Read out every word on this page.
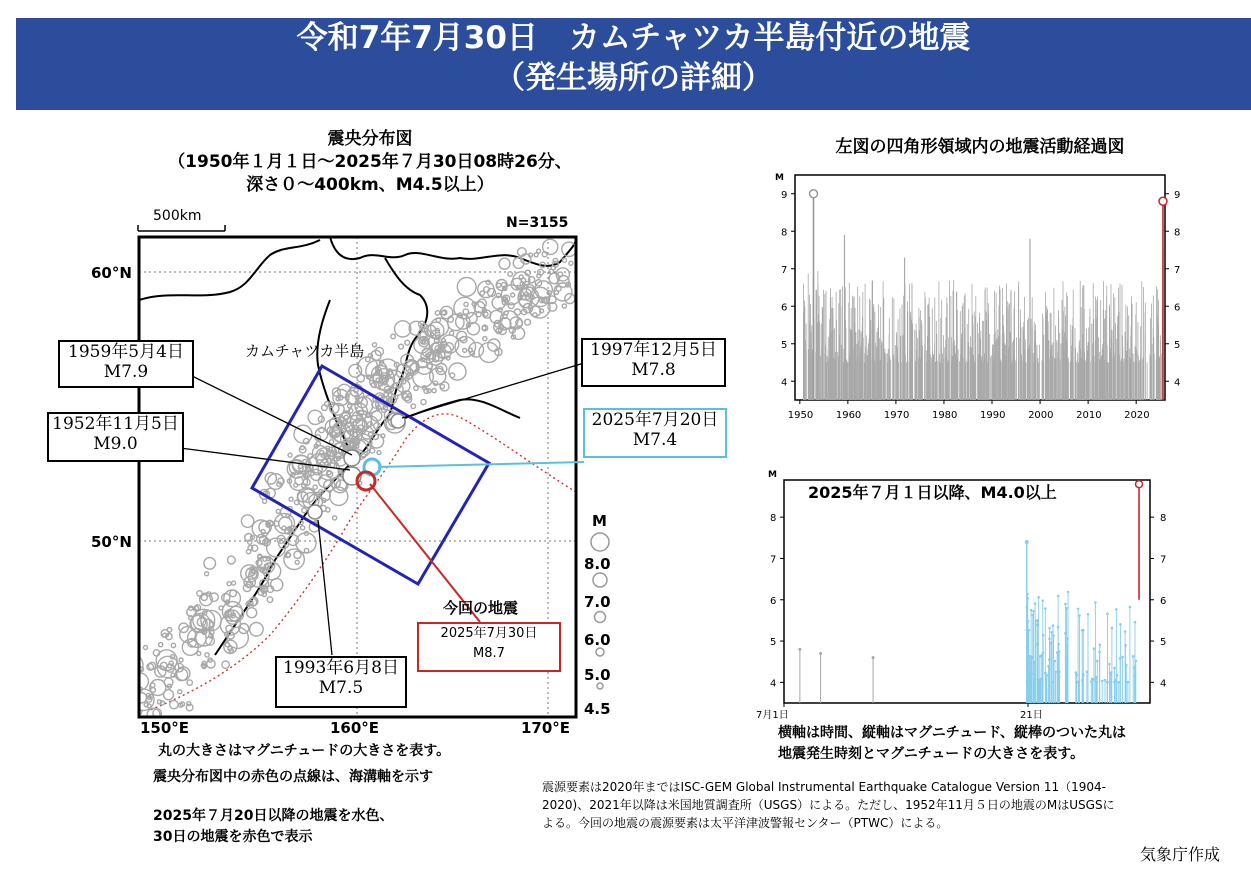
令和7年7月30日　カムチャツカ半島付近の地震
（発生場所の詳細）
震央分布図
（1950年１月１日～2025年７月30日08時26分、
深さ０～400km、M4.5以上）
500km	N=3155
60°N
50°N
150°E	160°E	170°E
カムチャツカ半島
今回の地震
M
8.0
7.0
6.0
5.0
4.5
1959年5月4日
M7.9
1952年11月5日
M9.0
1997年12月5日
M7.8
2025年7月20日
M7.4
1993年6月8日
M7.5
2025年7月30日
M8.7
左図の四角形領域内の地震活動経過図
M
4	4
5	5
6	6
7	7
8	8
9	9
1950 1960 1970 1980 1990 2000 2010 2020
M
4	4
5	5
6	6
7	7
8	8
7月1日	21日
2025年７月１日以降、M4.0以上
丸の大きさはマグニチュードの大きさを表す。
震央分布図中の赤色の点線は、海溝軸を示す
2025年７月20日以降の地震を水色、
30日の地震を赤色で表示
横軸は時間、縦軸はマグニチュード、縦棒のついた丸は
地震発生時刻とマグニチュードの大きさを表す。
震源要素は2020年まではISC-GEM Global Instrumental Earthquake Catalogue Version 11（1904-
2020)、2021年以降は米国地質調査所（USGS）による。ただし、1952年11月５日の地震のMはUSGSに
よる。今回の地震の震源要素は太平洋津波警報センター（PTWC）による。
気象庁作成
